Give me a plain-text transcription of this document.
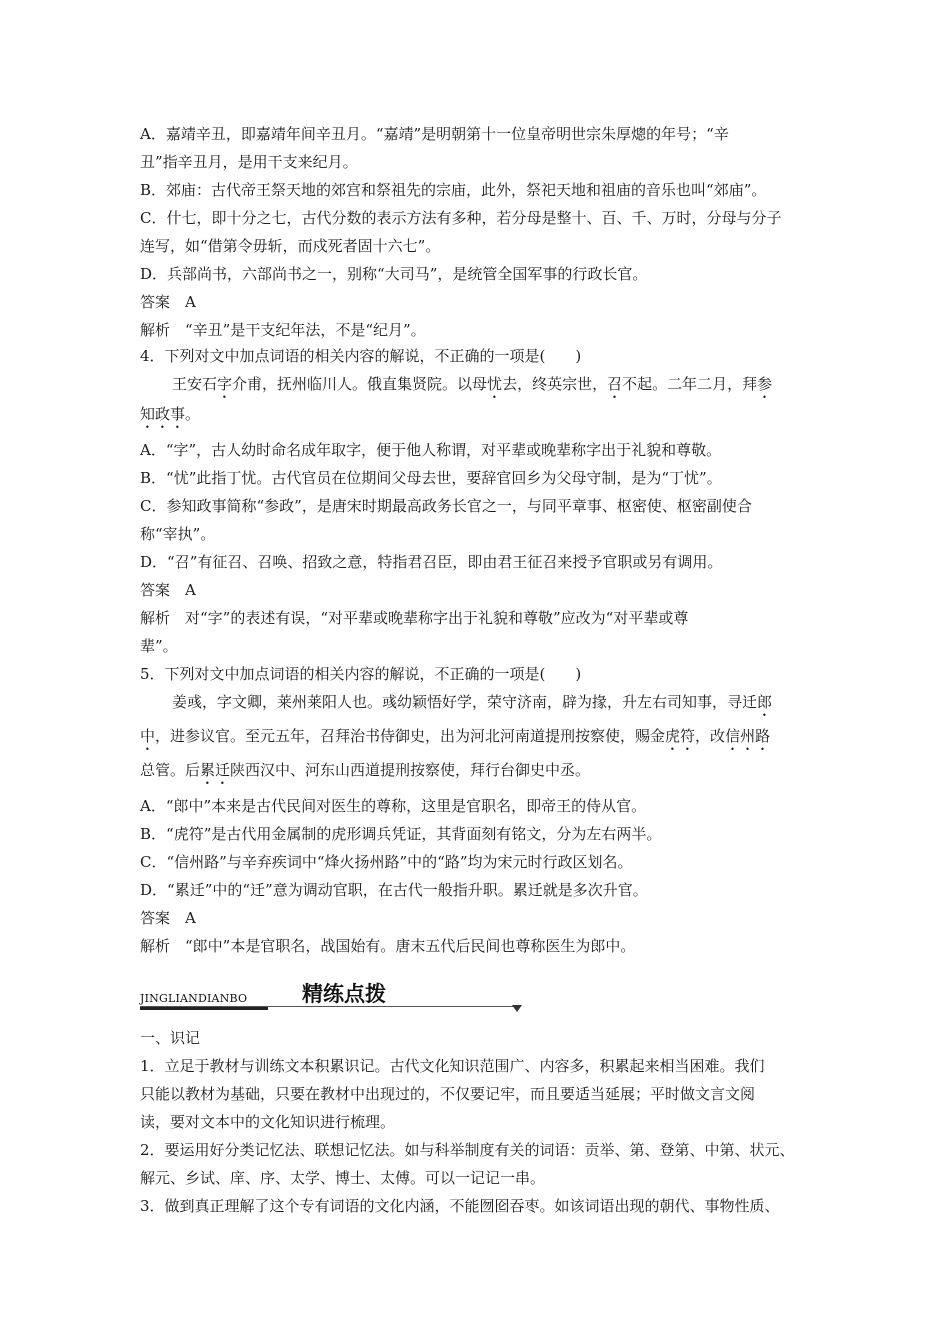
A．嘉靖辛丑，即嘉靖年间辛丑月。“嘉靖”是明朝第十一位皇帝明世宗朱厚熜的年号；“辛
丑”指辛丑月，是用干支来纪月。
B．郊庙：古代帝王祭天地的郊宫和祭祖先的宗庙，此外，祭祀天地和祖庙的音乐也叫“郊庙”。
C．什七，即十分之七，古代分数的表示方法有多种，若分母是整十、百、千、万时，分母与分子
连写，如“借第令毋斩，而戍死者固十六七”。
D．兵部尚书，六部尚书之一，别称“大司马”，是统管全国军事的行政长官。
答案　A
解析　“辛丑”是干支纪年法，不是“纪月”。
4．下列对文中加点词语的相关内容的解说，不正确的一项是(　　)
王安石字介甫，抚州临川人。俄直集贤院。以母忧去，终英宗世，召不起。二年二月，拜参
知政事。
A．“字”，古人幼时命名成年取字，便于他人称谓，对平辈或晚辈称字出于礼貌和尊敬。
B．“忧”此指丁忧。古代官员在位期间父母去世，要辞官回乡为父母守制，是为“丁忧”。
C．参知政事简称“参政”，是唐宋时期最高政务长官之一，与同平章事、枢密使、枢密副使合
称“宰执”。
D．“召”有征召、召唤、招致之意，特指君召臣，即由君王征召来授予官职或另有调用。
答案　A
解析　对“字”的表述有误，“对平辈或晚辈称字出于礼貌和尊敬”应改为“对平辈或尊
辈”。
5．下列对文中加点词语的相关内容的解说，不正确的一项是(　　)
姜彧，字文卿，莱州莱阳人也。彧幼颖悟好学，荣守济南，辟为掾，升左右司知事，寻迁郎
中，进参议官。至元五年，召拜治书侍御史，出为河北河南道提刑按察使，赐金虎符，改信州路
总管。后累迁陕西汉中、河东山西道提刑按察使，拜行台御史中丞。
A．“郎中”本来是古代民间对医生的尊称，这里是官职名，即帝王的侍从官。
B．“虎符”是古代用金属制的虎形调兵凭证，其背面刻有铭文，分为左右两半。
C．“信州路”与辛弃疾词中“烽火扬州路”中的“路”均为宋元时行政区划名。
D．“累迁”中的“迁”意为调动官职，在古代一般指升职。累迁就是多次升官。
答案　A
解析　“郎中”本是官职名，战国始有。唐末五代后民间也尊称医生为郎中。
JINGLIANDIANBO	精练点拨
一、识记
1．立足于教材与训练文本积累识记。古代文化知识范围广、内容多，积累起来相当困难。我们
只能以教材为基础，只要在教材中出现过的，不仅要记牢，而且要适当延展；平时做文言文阅
读，要对文本中的文化知识进行梳理。
2．要运用好分类记忆法、联想记忆法。如与科举制度有关的词语：贡举、第、登第、中第、状元、
解元、乡试、庠、序、太学、博士、太傅。可以一记记一串。
3．做到真正理解了这个专有词语的文化内涵，不能囫囵吞枣。如该词语出现的朝代、事物性质、
